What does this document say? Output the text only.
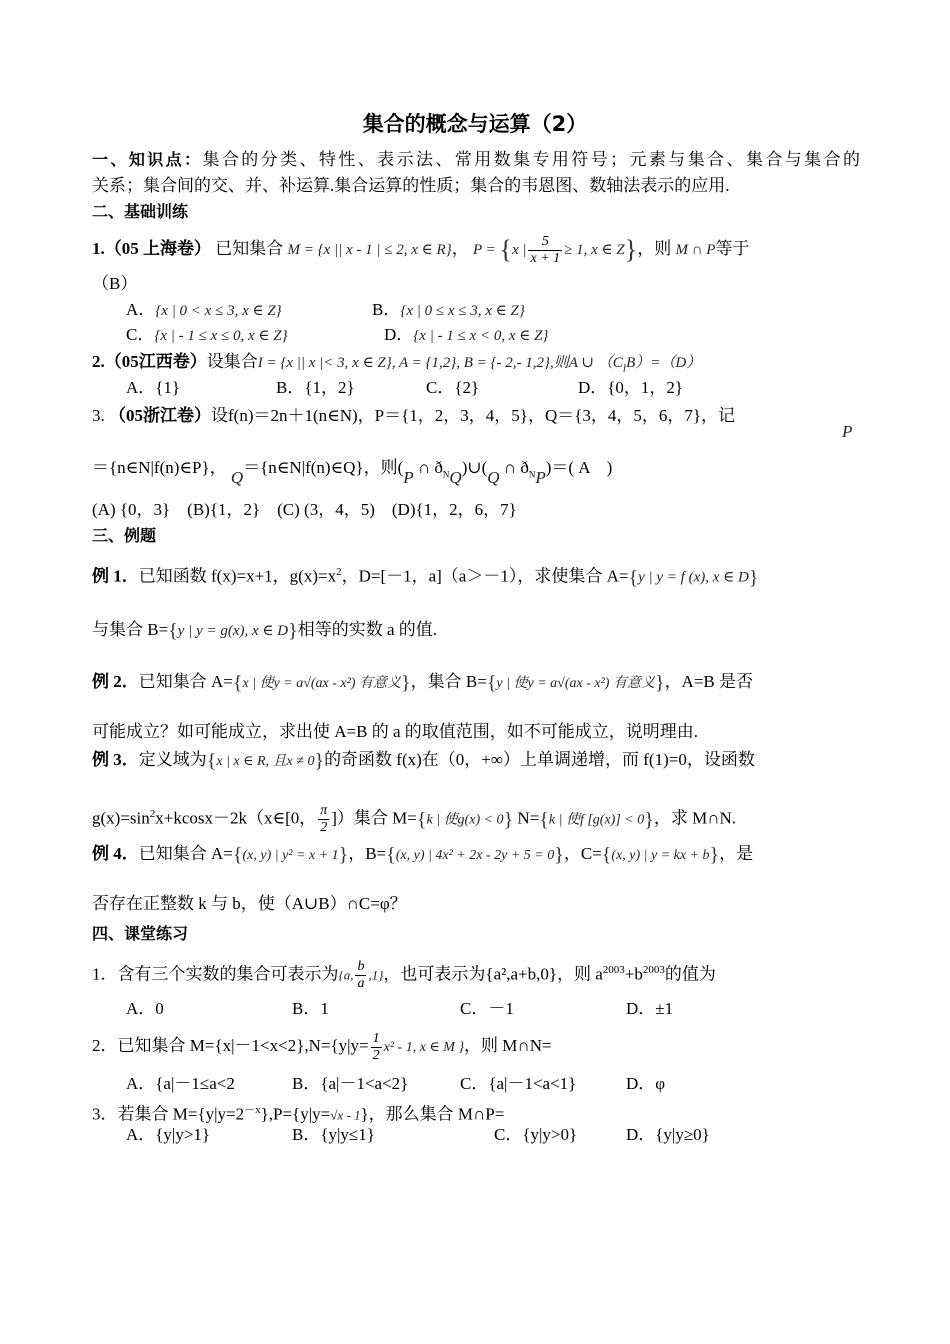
集合的概念与运算（2）
一、知识点：集合的分类、特性、表示法、常用数集专用符号；元素与集合、集合与集合的
关系；集合间的交、并、补运算.集合运算的性质；集合的韦恩图、数轴法表示的应用.
二、基础训练
1.（05 上海卷） 已知集合 M = {x || x - 1 | ≤ 2, x ∈ R}， P = {x | $\frac{5}{x + 1} \ge 1$, x ∈ Z}，则 M ∩ P等于
（B）
A．{x | 0 < x ≤ 3, x ∈ Z}	B．{x | 0 ≤ x ≤ 3, x ∈ Z}
C．{x | - 1 ≤ x ≤ 0, x ∈ Z}	D．{x | - 1 ≤ x < 0, x ∈ Z}
2.（05江西卷）设集合I = {x || x |< 3, x ∈ Z}, A = {1,2}, B = {- 2,- 1,2},则A ∪ $(C_IB)=(D)$
A．{1}	B．{1，2}	C．{2}	D．{0，1，2}
3. （05浙江卷）设f(n)＝2n＋1(n∈N)，P＝{1，2，3，4，5}，Q＝{3，4，5，6，7}，记
P
＝{n∈N|f(n)∈P}， Q＝{n∈N|f(n)∈Q}，则(P ∩ $ð_NQ)\cup(Q$ ∩ $ð_NP)=$( A　)
(A) {0，3}　(B){1，2}　(C) (3，4，5)　(D){1，2，6，7}
三、例题
例 1．已知函数 f(x)=x+1，$g(x)=x^2$，D=[－1，a]（a＞－1），求使集合 A={y | y = f (x), x ∈ D}
与集合 B={y | y = g(x), x ∈ D}相等的实数 a 的值.
例 2．已知集合 A={x | 使y = a√(ax - x²) 有意义}，集合 B={y | 使y = a√(ax - x²) 有意义}，A=B 是否
可能成立？如可能成立，求出使 A=B 的 a 的取值范围，如不可能成立，说明理由.
例 3．定义域为{x | x ∈ R, 且x ≠ 0}的奇函数 f(x)在（0，+∞）上单调递增，而 f(1)=0，设函数
$g(x)=\sin^2x+kcosx-2k(x\in[0$， $\frac{\pi}{2}$ ]）集合 M={k | 使g(x) < 0} N={k | 使f [g(x)] < 0}，求 M∩N.
例 4．已知集合 A={(x, y) | y² = x + 1}，B={(x, y) | 4x² + 2x - 2y + 5 = 0}，C={(x, y) | y = kx + b}，是
否存在正整数 k 与 b，使（A∪B）∩C=φ？
四、课堂练习
1．含有三个实数的集合可表示为{a, $\frac{b}{a} ,1$}，也可表示为{a²,a+b,0}，则 $a^{2003}+b^{2003}$的值为
A．0	B．1	C．－1	D．±1
2．已知集合 $M=\{x|-1<x<2\},N=\{y|y= \frac{1}{2} x^2 - 1$, x ∈ M }，则 M∩N=
A．{a|－1≤a<2	B．{a|－1<a<2}	C．{a|－1<a<1}	D．φ
3．若集合 $M=\{y|y=2^{-x}\},P=\{y|y=√x - 1\}$，那么集合 M∩P=
A．{y|y>1}	B．{y|y≤1}	C．{y|y>0}	D．{y|y≥0}
